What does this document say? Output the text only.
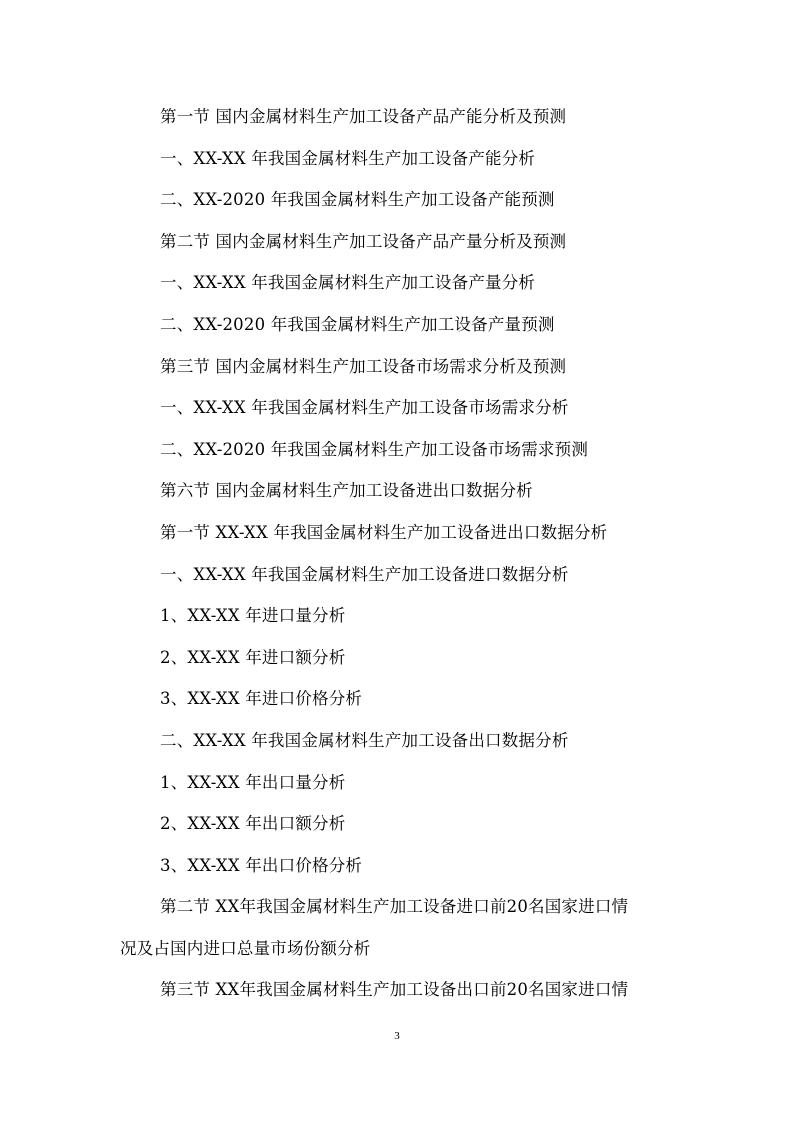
第一节 国内金属材料生产加工设备产品产能分析及预测
一、XX-XX 年我国金属材料生产加工设备产能分析
二、XX-2020 年我国金属材料生产加工设备产能预测
第二节 国内金属材料生产加工设备产品产量分析及预测
一、XX-XX 年我国金属材料生产加工设备产量分析
二、XX-2020 年我国金属材料生产加工设备产量预测
第三节 国内金属材料生产加工设备市场需求分析及预测
一、XX-XX 年我国金属材料生产加工设备市场需求分析
二、XX-2020 年我国金属材料生产加工设备市场需求预测
第六节 国内金属材料生产加工设备进出口数据分析
第一节 XX-XX 年我国金属材料生产加工设备进出口数据分析
一、XX-XX 年我国金属材料生产加工设备进口数据分析
1、XX-XX 年进口量分析
2、XX-XX 年进口额分析
3、XX-XX 年进口价格分析
二、XX-XX 年我国金属材料生产加工设备出口数据分析
1、XX-XX 年出口量分析
2、XX-XX 年出口额分析
3、XX-XX 年出口价格分析
第二节 XX年我国金属材料生产加工设备进口前20名国家进口情
况及占国内进口总量市场份额分析
第三节 XX年我国金属材料生产加工设备出口前20名国家进口情
3
